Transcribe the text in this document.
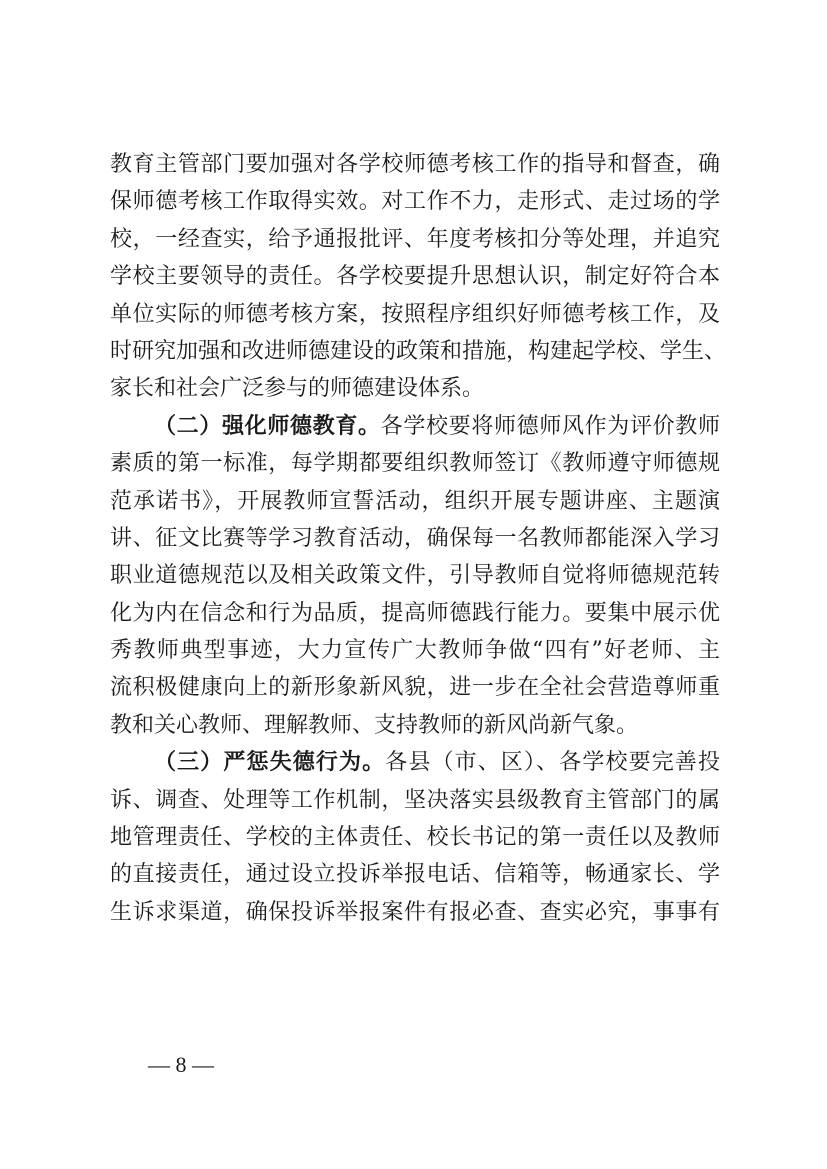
教育主管部门要加强对各学校师德考核工作的指导和督查，确
保师德考核工作取得实效。对工作不力，走形式、走过场的学
校，一经查实，给予通报批评、年度考核扣分等处理，并追究
学校主要领导的责任。各学校要提升思想认识，制定好符合本
单位实际的师德考核方案，按照程序组织好师德考核工作，及
时研究加强和改进师德建设的政策和措施，构建起学校、学生、
家长和社会广泛参与的师德建设体系。
（二）强化师德教育。各学校要将师德师风作为评价教师
素质的第一标准，每学期都要组织教师签订《教师遵守师德规
范承诺书》，开展教师宣誓活动，组织开展专题讲座、主题演
讲、征文比赛等学习教育活动，确保每一名教师都能深入学习
职业道德规范以及相关政策文件，引导教师自觉将师德规范转
化为内在信念和行为品质，提高师德践行能力。要集中展示优
秀教师典型事迹，大力宣传广大教师争做“四有”好老师、主
流积极健康向上的新形象新风貌，进一步在全社会营造尊师重
教和关心教师、理解教师、支持教师的新风尚新气象。
（三）严惩失德行为。各县（市、区）、各学校要完善投
诉、调查、处理等工作机制，坚决落实县级教育主管部门的属
地管理责任、学校的主体责任、校长书记的第一责任以及教师
的直接责任，通过设立投诉举报电话、信箱等，畅通家长、学
生诉求渠道，确保投诉举报案件有报必查、查实必究，事事有
— 8 —
